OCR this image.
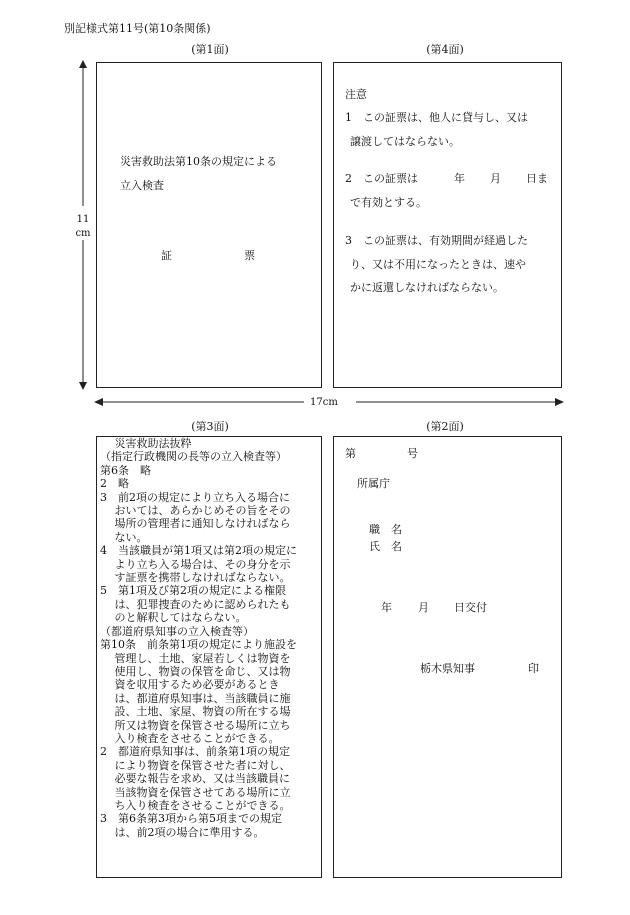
別記様式第11号(第10条関係)
(第1面)	(第4面)
(第3面)	(第2面)
11
cm
17cm
災害救助法第10条の規定による
立入検査
証	票
注意
1　この証票は、他人に貸与し、又は
譲渡してはならない。
2　この証票は	年 月 日ま
で有効とする。
3　この証票は、有効期間が経過した
り、又は不用になったときは、速や
かに返還しなければならない。
　 災害救助法抜粋
（指定行政機関の長等の立入検査等）
第6条　略
2　略
3　前2項の規定により立ち入る場合に
　 おいては、あらかじめその旨をその
　 場所の管理者に通知しなければなら
　 ない。
4　当該職員が第1項又は第2項の規定に
　 より立ち入る場合は、その身分を示
　 す証票を携帯しなければならない。
5　第1項及び第2項の規定による権限
　 は、犯罪捜査のために認められたも
　 のと解釈してはならない。
（都道府県知事の立入検査等）
第10条　前条第1項の規定により施設を
　 管理し、土地、家屋若しくは物資を
　 使用し、物資の保管を命じ、又は物
　 資を収用するため必要があるとき
　 は、都道府県知事は、当該職員に施
　 設、土地、家屋、物資の所在する場
　 所又は物資を保管させる場所に立ち
　 入り検査をさせることができる。
2　都道府県知事は、前条第1項の規定
　 により物資を保管させた者に対し、
　 必要な報告を求め、又は当該職員に
　 当該物資を保管させてある場所に立
　 ち入り検査をさせることができる。
3　第6条第3項から第5項までの規定
　 は、前2項の場合に準用する。
第	号
所属庁
職　名
氏　名
年 月 日交付
栃木県知事	印
